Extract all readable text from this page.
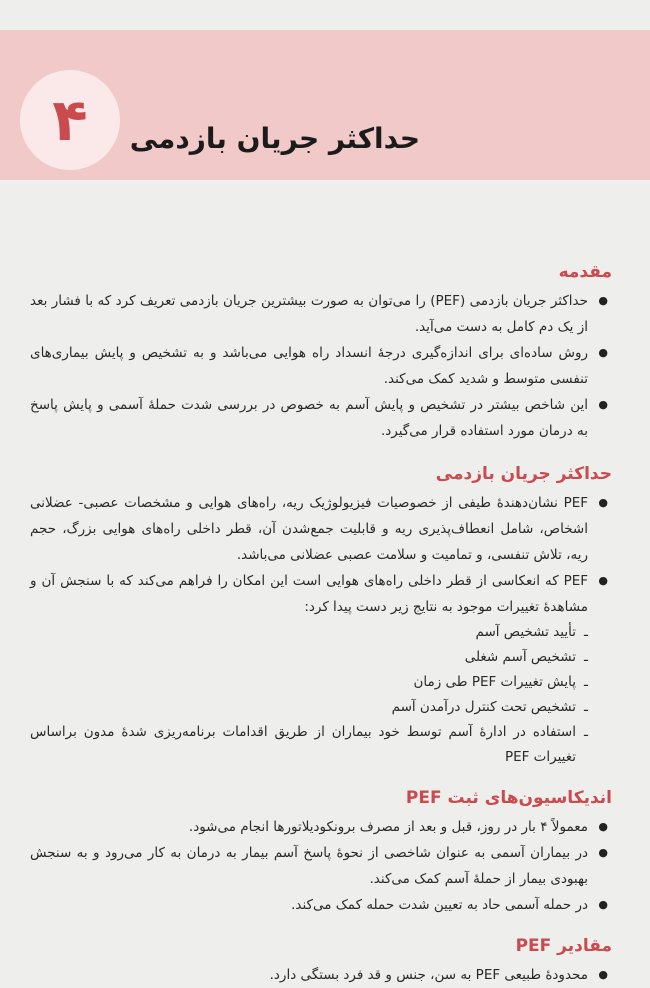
۴ حداکثر جریان بازدمی
مقدمه
● حداکثر جریان بازدمی (PEF) را می‌توان به صورت بیشترین جریان بازدمی تعریف کرد که با فشار بعد از یک دم کامل به دست می‌آید.
● روش ساده‌ای برای اندازه‌گیری درجهٔ انسداد راه هوایی می‌باشد و به تشخیص و پایش بیماری‌های تنفسی متوسط و شدید کمک می‌کند.
● این شاخص بیشتر در تشخیص و پایش آسم به خصوص در بررسی شدت حملهٔ آسمی و پایش پاسخ به درمان مورد استفاده قرار می‌گیرد.
حداکثر جریان بازدمی
● PEF نشان‌دهندهٔ طیفی از خصوصیات فیزیولوژیک ریه، راه‌های هوایی و مشخصات عصبی- عضلانی اشخاص، شامل انعطاف‌پذیری ریه و قابلیت جمع‌شدن آن، قطر داخلی راه‌های هوایی بزرگ، حجم ریه، تلاش تنفسی، و تمامیت و سلامت عصبی عضلانی می‌باشد.
● PEF که انعکاسی از قطر داخلی راه‌های هوایی است این امکان را فراهم می‌کند که با سنجش آن و مشاهدهٔ تغییرات موجود به نتایج زیر دست پیدا کرد:
ـ تأیید تشخیص آسم
ـ تشخیص آسم شغلی
ـ پایش تغییرات PEF طی زمان
ـ تشخیص تحت کنترل درآمدن آسم
ـ استفاده در ادارهٔ آسم توسط خود بیماران از طریق اقدامات برنامه‌ریزی شدهٔ مدون براساس تغییرات PEF
اندیکاسیون‌های ثبت PEF
● معمولاً ۴ بار در روز، قبل و بعد از مصرف برونکودیلاتورها انجام می‌شود.
● در بیماران آسمی به عنوان شاخصی از نحوهٔ پاسخ آسم بیمار به درمان به کار می‌رود و به سنجش بهبودی بیمار از حملهٔ آسم کمک می‌کند.
● در حمله آسمی حاد به تعیین شدت حمله کمک می‌کند.
مقادیر PEF
● محدودهٔ طبیعی PEF به سن، جنس و قد فرد بستگی دارد.
